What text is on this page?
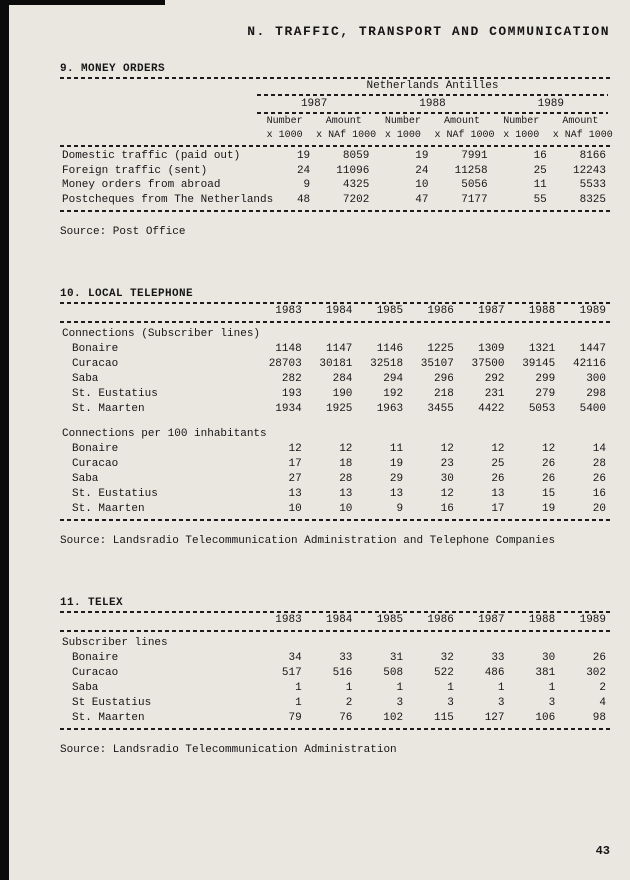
N. TRAFFIC, TRANSPORT AND COMMUNICATION
9. MONEY ORDERS

	Netherlands Antilles					

	1987		1988		1989	

	Number	Amount	Number	Amount	Number	Amount
	x 1000	x NAf 1000	x 1000	x NAf 1000	x 1000	x NAf 1000

Domestic traffic (paid out)	19	8059	19	7991	16	8166
Foreign traffic (sent)	24	11096	24	11258	25	12243
Money orders from abroad	9	4325	10	5056	11	5533
Postcheques from The Netherlands	48	7202	47	7177	55	8325

Source: Post Office
10. LOCAL TELEPHONE
	1983	1984	1985	1986	1987	1988	1989

Connections (Subscriber lines)							
Bonaire	1148	1147	1146	1225	1309	1321	1447
Curacao	28703	30181	32518	35107	37500	39145	42116
Saba	282	284	294	296	292	299	300
St. Eustatius	193	190	192	218	231	279	298
St. Maarten	1934	1925	1963	3455	4422	5053	5400

Connections per 100 inhabitants							
Bonaire	12	12	11	12	12	12	14
Curacao	17	18	19	23	25	26	28
Saba	27	28	29	30	26	26	26
St. Eustatius	13	13	13	12	13	15	16
St. Maarten	10	10	9	16	17	19	20

Source: Landsradio Telecommunication Administration and Telephone Companies
11. TELEX
	1983	1984	1985	1986	1987	1988	1989

Subscriber lines							
Bonaire	34	33	31	32	33	30	26
Curacao	517	516	508	522	486	381	302
Saba	1	1	1	1	1	1	2
St Eustatius	1	2	3	3	3	3	4
St. Maarten	79	76	102	115	127	106	98

Source: Landsradio Telecommunication Administration
43
